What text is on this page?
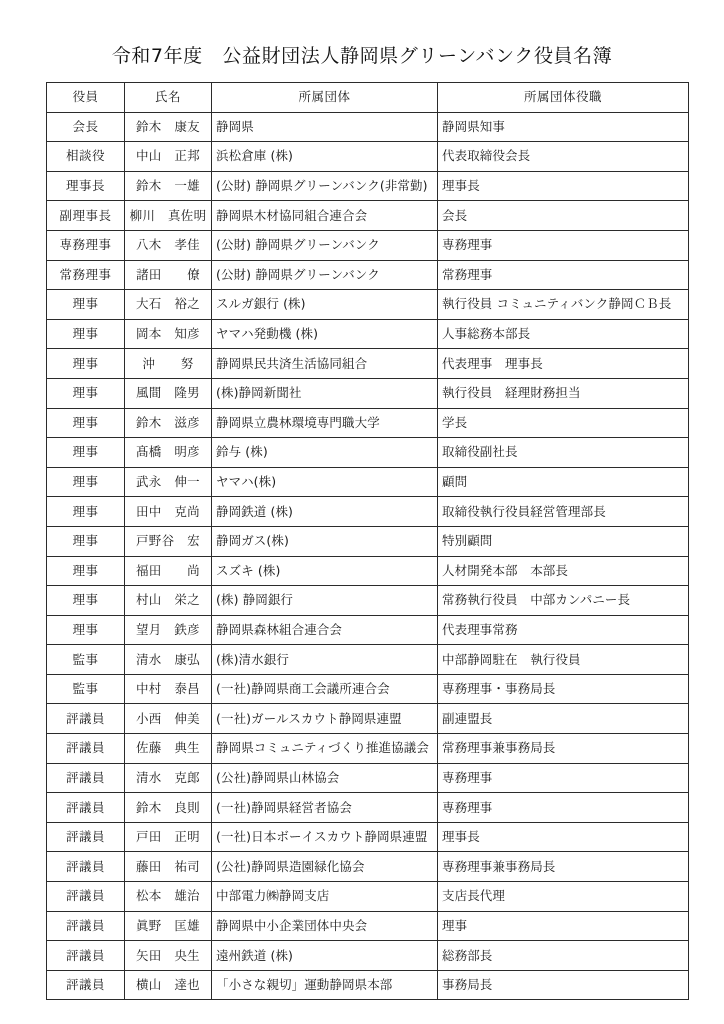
令和7年度　公益財団法人静岡県グリーンバンク役員名簿
役員	氏名	所属団体	所属団体役職
会長	鈴木　康友	静岡県	静岡県知事
相談役	中山　正邦	浜松倉庫 (株)	代表取締役会長
理事長	鈴木　一雄	(公財) 静岡県グリーンバンク(非常勤)	理事長
副理事長	柳川　真佐明	静岡県木材協同組合連合会	会長
専務理事	八木　孝佳	(公財) 静岡県グリーンバンク	専務理事
常務理事	諸田　　僚	(公財) 静岡県グリーンバンク	常務理事
理事	大石　裕之	スルガ銀行 (株)	執行役員 コミュニティバンク静岡ＣＢ長
理事	岡本　知彦	ヤマハ発動機 (株)	人事総務本部長
理事	沖　　努	静岡県民共済生活協同組合	代表理事　理事長
理事	風間　隆男	(株)静岡新聞社	執行役員　経理財務担当
理事	鈴木　滋彦	静岡県立農林環境専門職大学	学長
理事	髙橋　明彦	鈴与 (株)	取締役副社長
理事	武永　伸一	ヤマハ(株)	顧問
理事	田中　克尚	静岡鉄道 (株)	取締役執行役員経営管理部長
理事	戸野谷　宏	静岡ガス(株)	特別顧問
理事	福田　　尚	スズキ (株)	人材開発本部　本部長
理事	村山　栄之	(株) 静岡銀行	常務執行役員　中部カンパニー長
理事	望月　鉄彦	静岡県森林組合連合会	代表理事常務
監事	清水　康弘	(株)清水銀行	中部静岡駐在　執行役員
監事	中村　泰昌	(一社)静岡県商工会議所連合会	専務理事・事務局長
評議員	小西　伸美	(一社)ガールスカウト静岡県連盟	副連盟長
評議員	佐藤　典生	静岡県コミュニティづくり推進協議会	常務理事兼事務局長
評議員	清水　克郎	(公社)静岡県山林協会	専務理事
評議員	鈴木　良則	(一社)静岡県経営者協会	専務理事
評議員	戸田　正明	(一社)日本ボーイスカウト静岡県連盟	理事長
評議員	藤田　祐司	(公社)静岡県造園緑化協会	専務理事兼事務局長
評議員	松本　雄治	中部電力㈱静岡支店	支店長代理
評議員	眞野　匡雄	静岡県中小企業団体中央会	理事
評議員	矢田　央生	遠州鉄道 (株)	総務部長
評議員	横山　達也	「小さな親切」運動静岡県本部	事務局長
